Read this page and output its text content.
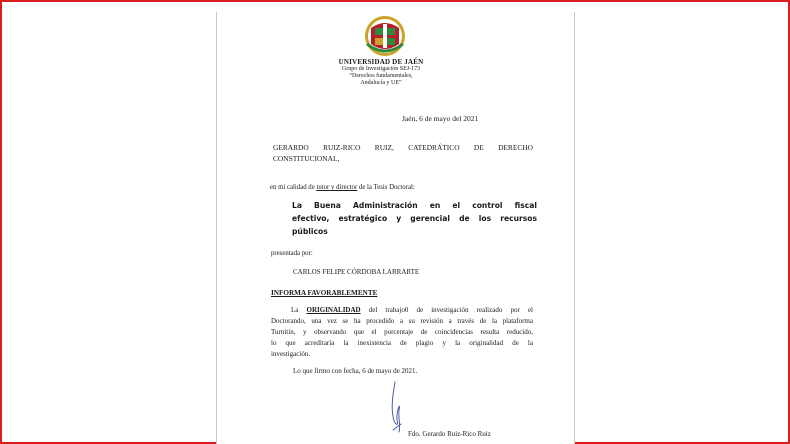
UNIVERSIDAD DE JAÉN
Grupo de Investigación SEJ-173
“Derechos fundamentales,
Andalucía y UE”
Jaén, 6 de mayo del 2021
GERARDO RUIZ-RICO RUIZ, CATEDRÁTICO DE DERECHO
CONSTITUCIONAL,
en mi calidad de tutor y director de la Tesis Doctoral:
La Buena Administración en el control fiscal
efectivo, estratégico y gerencial de los recursos
públicos
presentada por:
CARLOS FELIPE CÓRDOBA LARRARTE
INFORMA FAVORABLEMENTE
La ORIGINALIDAD del trabajo0 de investigación realizado por el
Doctorando, una vez se ha procedido a su revisión a través de la plataforma
Turnitin, y observando que el porcentaje de coincidencias resulta reducido,
lo que acreditaría la inexistencia de plagio y la originalidad de la
investigación.
Lo que firmo con fecha, 6 de mayo de 2021.
Fdo. Gerardo Ruiz-Rico Ruiz
